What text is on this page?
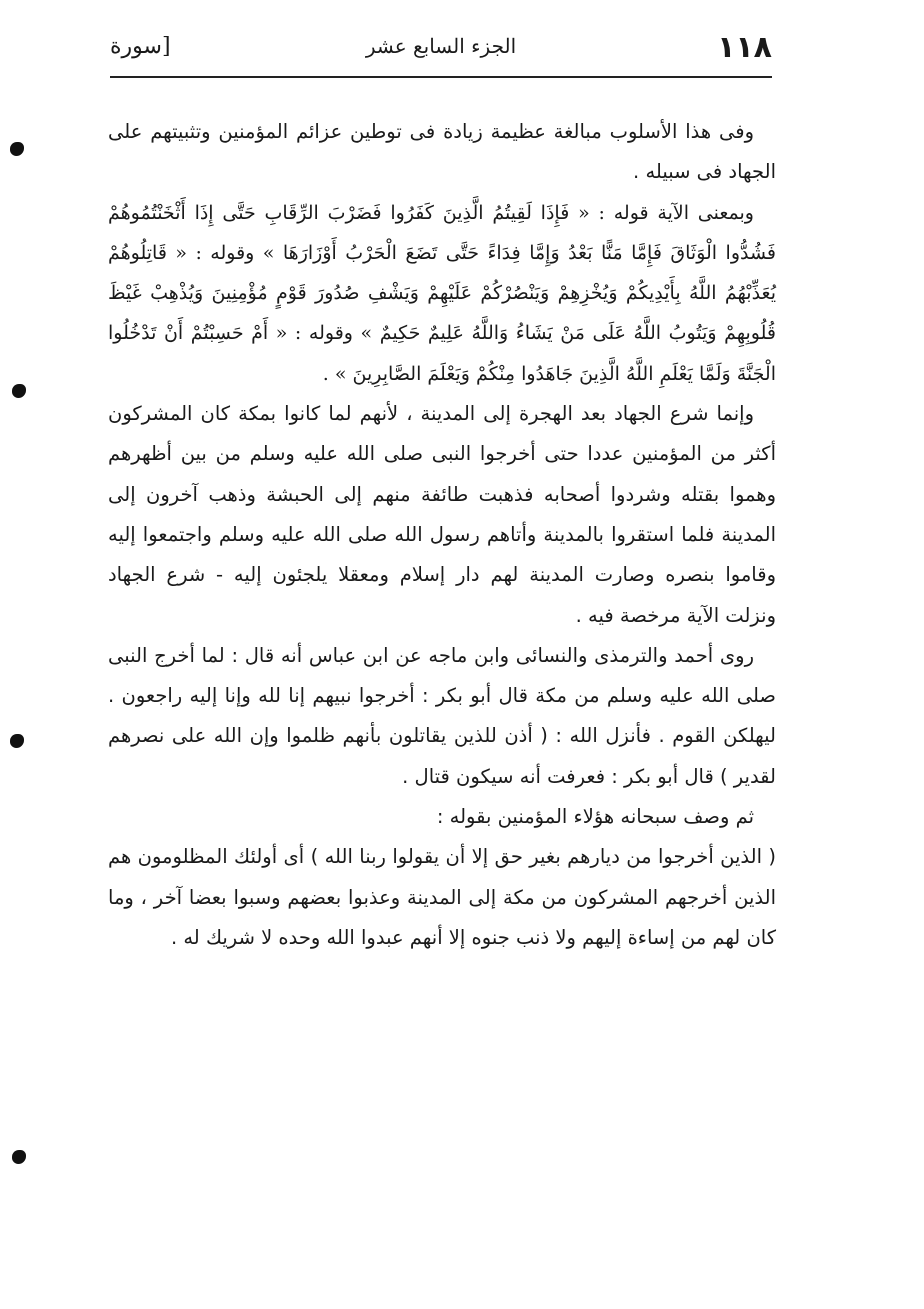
١١٨
الجزء السابع عشر
[سورة

وفى هذا الأسلوب مبالغة عظيمة زيادة فى توطين عزائم المؤمنين وتثبيتهم على الجهاد فى سبيله .

وبمعنى الآية قوله : « فَإِذَا لَقِيتُمُ الَّذِينَ كَفَرُوا فَضَرْبَ الرِّقَابِ حَتَّى إِذَا أَثْخَنْتُمُوهُمْ فَشُدُّوا الْوَثَاقَ فَإِمَّا مَنًّا بَعْدُ وَإِمَّا فِدَاءً حَتَّى تَضَعَ الْحَرْبُ أَوْزَارَهَا » وقوله : « قَاتِلُوهُمْ يُعَذِّبْهُمُ اللَّهُ بِأَيْدِيكُمْ وَيُخْزِهِمْ وَيَنْصُرْكُمْ عَلَيْهِمْ وَيَشْفِ صُدُورَ قَوْمٍ مُؤْمِنِينَ وَيُذْهِبْ غَيْظَ قُلُوبِهِمْ وَيَتُوبُ اللَّهُ عَلَى مَنْ يَشَاءُ وَاللَّهُ عَلِيمٌ حَكِيمٌ » وقوله : « أَمْ حَسِبْتُمْ أَنْ تَدْخُلُوا الْجَنَّةَ وَلَمَّا يَعْلَمِ اللَّهُ الَّذِينَ جَاهَدُوا مِنْكُمْ وَيَعْلَمَ الصَّابِرِينَ » .

وإنما شرع الجهاد بعد الهجرة إلى المدينة ، لأنهم لما كانوا بمكة كان المشركون أكثر من المؤمنين عددا حتى أخرجوا النبى صلى الله عليه وسلم من بين أظهرهم وهموا بقتله وشردوا أصحابه فذهبت طائفة منهم إلى الحبشة وذهب آخرون إلى المدينة فلما استقروا بالمدينة وأتاهم رسول الله صلى الله عليه وسلم واجتمعوا إليه وقاموا بنصره وصارت المدينة لهم دار إسلام ومعقلا يلجئون إليه - شرع الجهاد ونزلت الآية مرخصة فيه .

روى أحمد والترمذى والنسائى وابن ماجه عن ابن عباس أنه قال : لما أخرج النبى صلى الله عليه وسلم من مكة قال أبو بكر : أخرجوا نبيهم إنا لله وإنا إليه راجعون . ليهلكن القوم . فأنزل الله : ( أذن للذين يقاتلون بأنهم ظلموا وإن الله على نصرهم لقدير ) قال أبو بكر : فعرفت أنه سيكون قتال .

ثم وصف سبحانه هؤلاء المؤمنين بقوله :

( الذين أخرجوا من ديارهم بغير حق إلا أن يقولوا ربنا الله ) أى أولئك المظلومون هم الذين أخرجهم المشركون من مكة إلى المدينة وعذبوا بعضهم وسبوا بعضا آخر ، وما كان لهم من إساءة إليهم ولا ذنب جنوه إلا أنهم عبدوا الله وحده لا شريك له .
